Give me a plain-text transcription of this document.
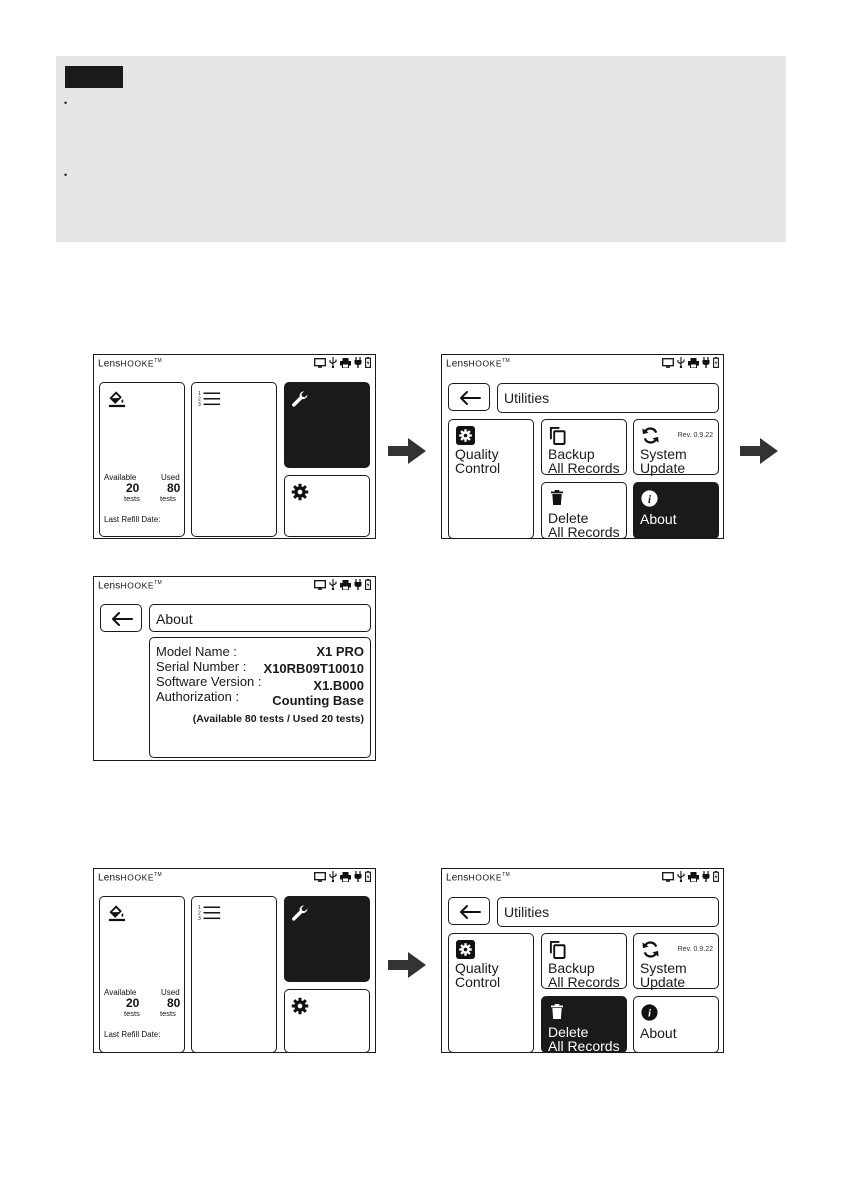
•
•
LensHOOKE™
Available
20
tests
Used
80
tests
Last Refill Date:
LensHOOKE™
Utilities
Quality
Control
Backup
All Records
Rev. 0.9.22
System
Update
Delete
All Records
About
LensHOOKE™
About
Model Name :	X1 PRO
Serial Number : X10RB09T10010
Software Version :	X1.B000
Authorization :	Counting Base
(Available 80 tests / Used 20 tests)
LensHOOKE™
Available
20
tests
Used
80
tests
Last Refill Date:
LensHOOKE™
Utilities
Quality
Control
Backup
All Records
Rev. 0.9.22
System
Update
Delete
All Records
About
